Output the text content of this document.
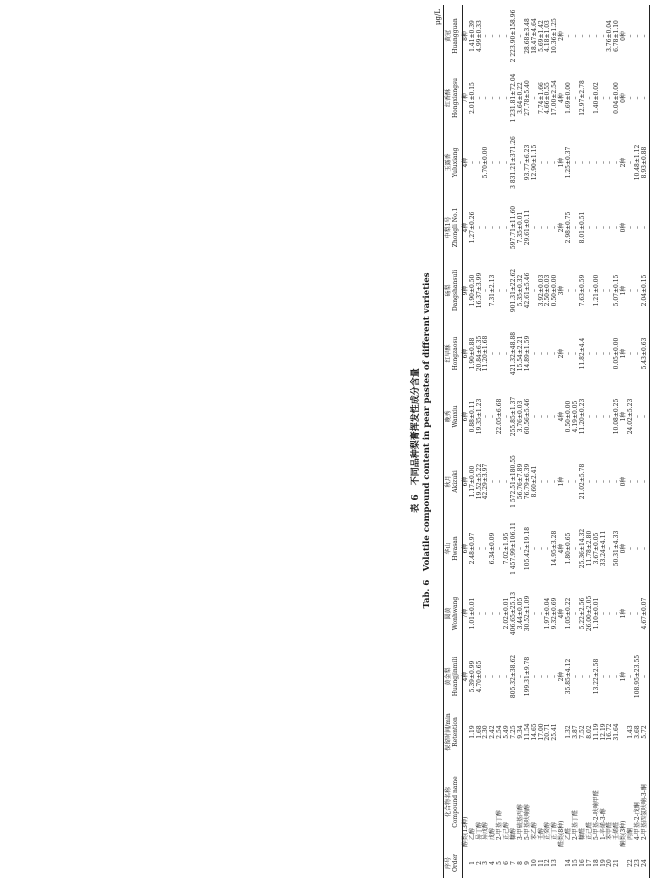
表 6　不同品种梨膏挥发性成分含量 Tab. 6　Volatile compound content in pear pastes of different varieties
μg/L
序号 Order	化合物名称 Compound name	保留时间/min Retention	黄金梨 Huangjinmili	圆黄 Wonhwang	华山 Hwasan	秋月 Akizuki	晚秀 Wanxiu	红早酥 Hongzaosu	砀梨 Dangshansuli	中梨1号 Zhongli No.1	玉露香 Yuluxiang	红香酥 Hongxiangsu	黄冠 Huangguan

	醇类(13种)		4种	7种	6种	6种	6种	6种	9种	4种	4种	7种	8种
1	乙醇	1.19	5.39±0.99	1.01±0.01	2.48±0.97	1.17±0.00	0.88±0.11	1.90±0.88	1.90±0.50	1.27±0.26	–	2.01±0.15	1.41±0.39
2	异丁醇	1.68	4.70±0.65	–	–	19.52±5.22	19.35±1.23	20.84±6.35	16.37±3.99	–	–	–	4.99±0.33
3	异戊醇	2.30	–	–	–	42.29±3.97	–	11.20±1.68	–	–	5.70±0.00	–	–
4	戊醇	2.42	–	–	6.34±0.09	–	–	–	7.31±2.13	–	–	–	–
5	2-甲基丁醇	2.54	–	–	–	–	22.05±6.68	–	–	–	–	–	–
6	正己醇	5.49	–	2.02±0.01	7.02±1.95	–	–	–	–	–	–	–	–
7	糠醇	7.25	805.32±38.62	406.65±25.13	1 457.99±106.11	1 572.51±180.55	255.85±1.37	421.32±48.88	901.31±22.62	597.71±11.60	3 831.21±371.26	1 231.81±72.04	2 223.90±158.96
8	3-甲硫基丙醇	9.34	–	3.44±0.05	–	56.76±7.89	3.76±0.03	15.54±2.21	5.35±0.32	7.35±0.01	–	3.64±0.22	–
9	5-甲基呋喃醇	11.54	199.31±9.78	30.52±1.09	105.42±19.18	76.79±6.39	60.56±5.46	14.89±1.59	42.61±5.46	29.61±0.11	93.77±6.23	27.78±5.40	28.68±3.48
10	苯乙醇	14.65	–	–	–	8.60±2.41	–	–	–	–	12.90±1.15	–	18.47±4.64
11	壬醇	17.00	–	–	–	–	–	–	3.92±0.03	–	–	7.74±1.66	5.69±1.42
12	正癸醇	20.71	–	1.97±0.04	–	–	–	–	2.50±0.03	–	–	4.66±0.55	4.18±1.03
13	正丁醇	25.41	–	9.32±0.69	14.95±3.28	–	–	–	0.50±0.00	–	–	17.00±2.54	10.36±1.25
	醛类(8种)		2种	4种	4种	1种	4种	2种	3种	2种	1种	4种	2种
14	乙醛	1.32	35.85±4.12	1.05±0.22	1.80±0.65	–	0.50±0.00	–	–	2.98±0.75	1.25±0.37	1.69±0.00	–
15	2-甲基丁醛	3.87	–	–	–	–	4.19±0.05	–	–	–	–	–	–
16	糠醛	7.52	–	5.22±2.56	25.36±14.32	21.02±5.78	11.20±0.23	11.82±4.4	7.63±0.59	8.01±0.51	–	12.97±2.78	–
17	正己醛	8.02	–	26.00±2.05	11.78±2.80	–	–	–	–	–	–	–	–
18	5-甲基-2-呋喃甲醛	11.19	13.22±2.58	1.10±0.01	3.67±0.05	–	–	–	1.21±0.00	–	–	1.40±0.02	–
19	1-辛烯-3-醇	12.19	–	–	33.24±4.11	–	–	–	–	–	–	–	–
20	苯甲醛	16.72	–	–	–	–	–	–	–	–	–	–	3.76±0.04
21	壬烯醛	31.64	–	–	50.31±4.33	–	10.08±0.25	0.05±0.00	5.07±0.15	–	–	0.04±0.00	6.78±1.10
	酮类(3种)		1种	1种	0种	0种	1种	1种	1种	0种	2种	0种	0种
22	丙酮	1.43	–	–	–	–	24.02±5.23	–	–	–	–	–	–
23	4-甲基-2-戊酮	3.68	108.95±23.55	–	–	–	–	–	–	–	10.48±1.12	–	–
24	2-甲基四氢呋喃-3-酮	5.72	–	4.67±0.07	–	–	–	5.43±0.63	2.04±0.15	–	8.93±0.88	–	–
